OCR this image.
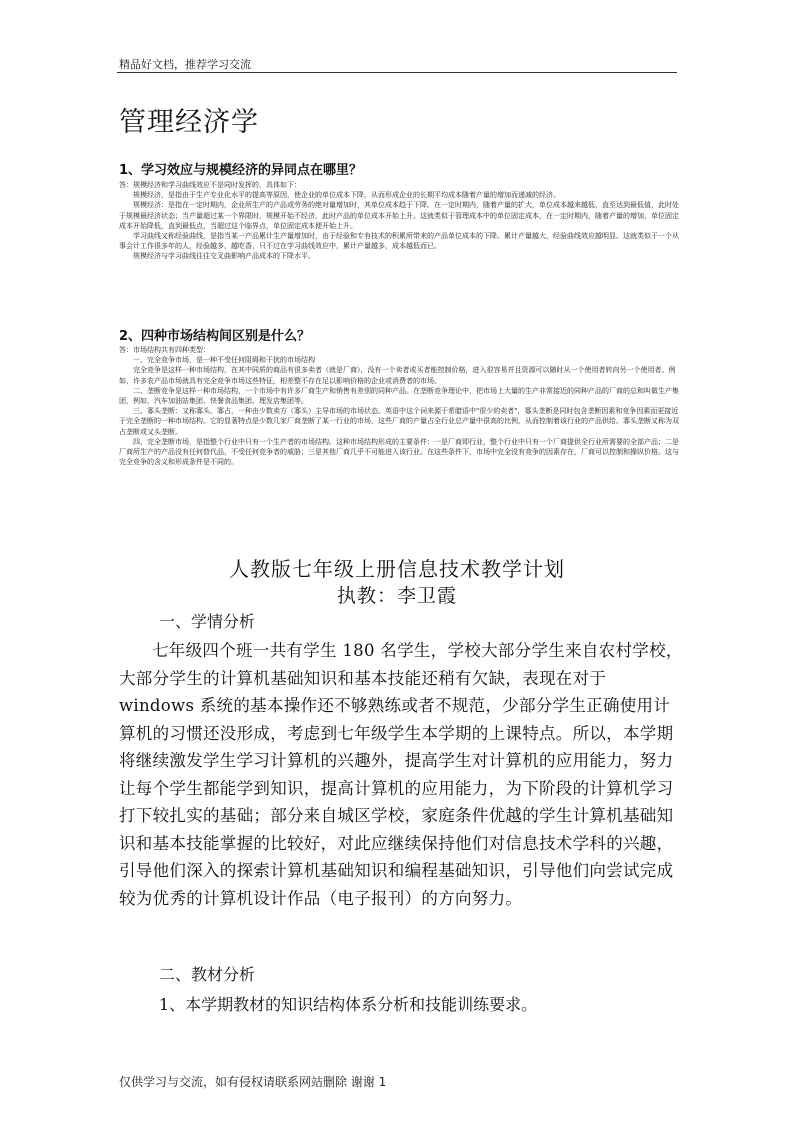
精品好文档，推荐学习交流
管理经济学
1、学习效应与规模经济的异同点在哪里？

答：规模经济和学习曲线效应不是同时发挥的，具体如下：

规模经济，是指由于生产专业化水平的提高等原因，使企业的单位成本下降，从而形成企业的长期平均成本随着产量的增加而递减的经济。

规模经济：是指在一定时期内，企业所生产的产品或劳务的绝对量增加时，其单位成本趋于下降。在一定时期内，随着产量的扩大，单位成本越来越低，直至达到最低值，此时处于规模最经济状态；当产量超过某一个界限时，规模开始不经济，此时产品的单位成本开始上升。这就类似于管理成本中的单位固定成本，在一定时期内，随着产量的增加，单位固定成本开始降低，直到最低点，当超过这个临界点，单位固定成本便开始上升。

学习曲线又称经验曲线，是指当某一产品累计生产量增加时，由于经验和专有技术的积累所带来的产品单位成本的下降。累计产量越大，经验曲线效应越明显。这就类似于一个从事会计工作很多年的人，经验越多，越吃香，只不过在学习曲线效应中，累计产量越多，成本越低而已。

规模经济与学习曲线往往交叉曲影响产品成本的下降水平。

2、四种市场结构间区别是什么？

答：市场结构共有四种类型：

一、完全竞争市场，是一种不受任何阻碍和干扰的市场结构

完全竞争是这样一种市场结构，在其中同质的商品有很多卖者（就是厂商），没有一个卖者或买者能控制价格，进入很容易并且资源可以随时从一个使用者转向另一个使用者。例如，许多农产品市场就具有完全竞争市场这些特征，相差整不存在足以影响价格的企业或消费者的市场。

二、垄断竞争是这样一种市场结构，一个市场中有许多厂商生产和销售有差别的同种产品。在垄断竞争理论中，把市场上大量的生产非常接近的同种产品的厂商的总和叫做生产集团，例如，汽车加油站集团、快餐食品集团、理发店集团等。

三、寡头垄断：又称寡头、寡占，一种由少数卖方（寡头）主导市场的市场状态。英语中这个词来源于希腊语中"很少的卖者"，寡头垄断是同时包含垄断因素和竞争因素而更接近于完全垄断的一种市场结构。它的显著特点是少数几家厂商垄断了某一行业的市场，这些厂商的产量占全行业总产量中很高的比例，从而控制着该行业的产品供给。寡头垄断又称为双占垄断或又头垄断。

四、完全垄断市场，是指整个行业中只有一个生产者的市场结构。这种市场结构形成的主要条件：一是厂商即行业，整个行业中只有一个厂商提供全行业所需要的全部产品；二是厂商所生产的产品没有任何替代品，不受任何竞争者的威胁；三是其他厂商几乎不可能进入该行业。在这些条件下，市场中完全没有竞争的因素存在，厂商可以控制和操纵价格。这与完全竞争的含义和形成条件是不同的。

人教版七年级上册信息技术教学计划
执教：李卫霞
一、学情分析

七年级四个班一共有学生 180 名学生，学校大部分学生来自农村学校，大部分学生的计算机基础知识和基本技能还稍有欠缺，表现在对于 windows 系统的基本操作还不够熟练或者不规范，少部分学生正确使用计算机的习惯还没形成，考虑到七年级学生本学期的上课特点。所以，本学期将继续激发学生学习计算机的兴趣外，提高学生对计算机的应用能力，努力让每个学生都能学到知识，提高计算机的应用能力，为下阶段的计算机学习打下较扎实的基础；部分来自城区学校，家庭条件优越的学生计算机基础知识和基本技能掌握的比较好，对此应继续保持他们对信息技术学科的兴趣，引导他们深入的探索计算机基础知识和编程基础知识，引导他们向尝试完成较为优秀的计算机设计作品（电子报刊）的方向努力。

二、教材分析

1、本学期教材的知识结构体系分析和技能训练要求。

仅供学习与交流，如有侵权请联系网站删除 谢谢 1
